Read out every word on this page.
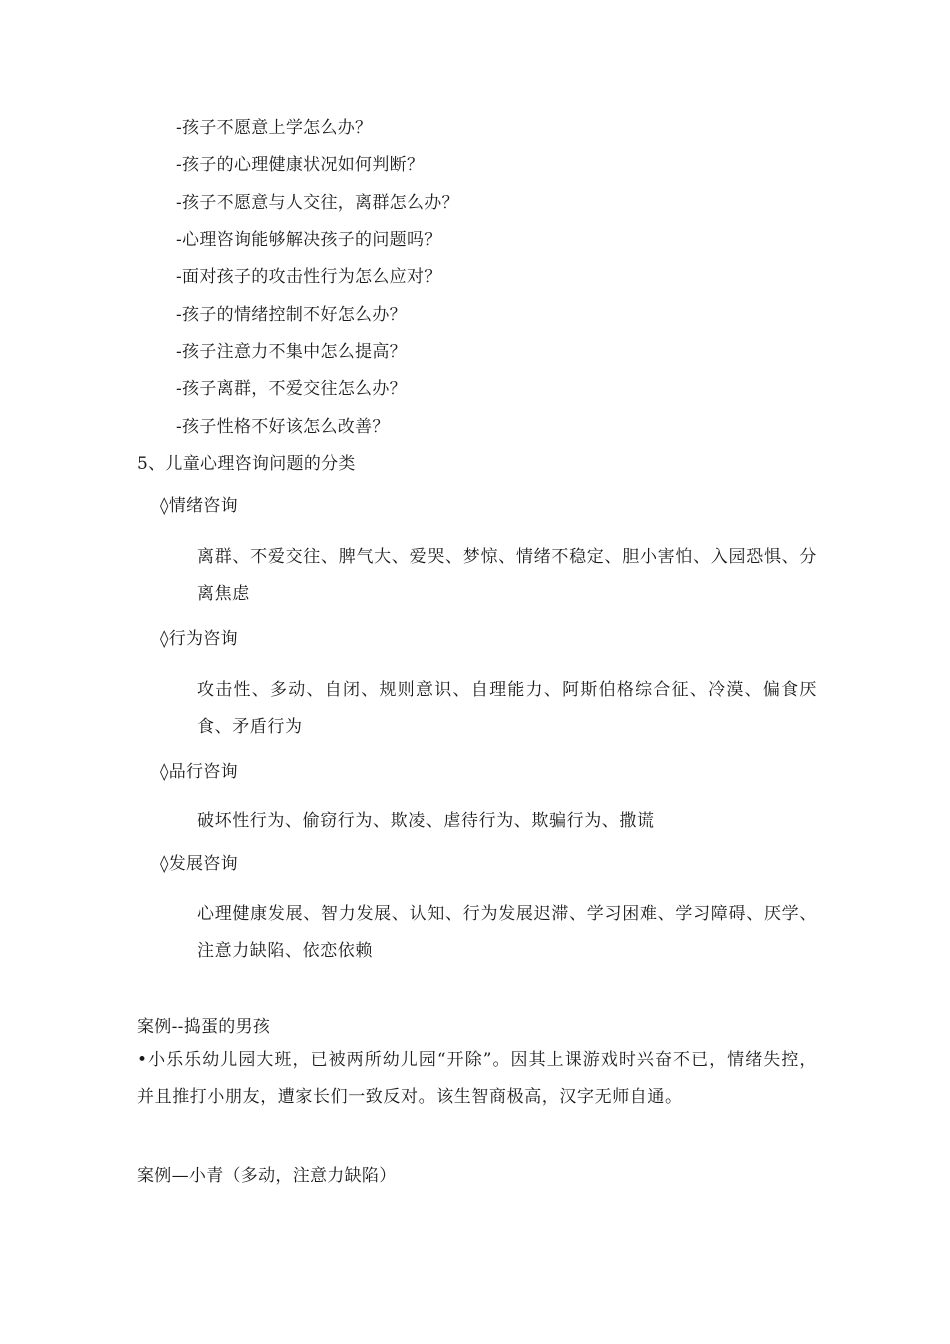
-孩子不愿意上学怎么办？
-孩子的心理健康状况如何判断？
-孩子不愿意与人交往，离群怎么办？
-心理咨询能够解决孩子的问题吗？
-面对孩子的攻击性行为怎么应对？
-孩子的情绪控制不好怎么办？
-孩子注意力不集中怎么提高？
-孩子离群，不爱交往怎么办？
-孩子性格不好该怎么改善？
5、儿童心理咨询问题的分类
◊情绪咨询
离群、不爱交往、脾气大、爱哭、梦惊、情绪不稳定、胆小害怕、入园恐惧、分离焦虑
◊行为咨询
攻击性、多动、自闭、规则意识、自理能力、阿斯伯格综合征、冷漠、偏食厌食、矛盾行为
◊品行咨询
破坏性行为、偷窃行为、欺凌、虐待行为、欺骗行为、撒谎
◊发展咨询
心理健康发展、智力发展、认知、行为发展迟滞、学习困难、学习障碍、厌学、注意力缺陷、依恋依赖
案例--捣蛋的男孩
•小乐乐幼儿园大班，已被两所幼儿园“开除”。因其上课游戏时兴奋不已，情绪失控，并且推打小朋友，遭家长们一致反对。该生智商极高，汉字无师自通。
案例—小青（多动，注意力缺陷）
